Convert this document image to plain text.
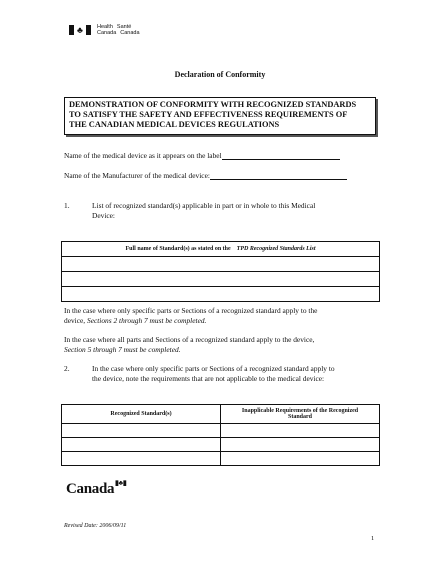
♣	Health Santé
Canada Canada
Declaration of Conformity
DEMONSTRATION OF CONFORMITY WITH RECOGNIZED STANDARDS
TO SATISFY THE SAFETY AND EFFECTIVENESS REQUIREMENTS OF
THE CANADIAN MEDICAL DEVICES REGULATIONS
Name of the medical device as it appears on the label
Name of the Manufacturer of the medical device:
1.	List of recognized standard(s) applicable in part or in whole to this Medical
Device:
Full name of Standard(s) as stated on the TPD Recognized Standards List

In the case where only specific parts or Sections of a recognized standard apply to the
device, Sections 2 through 7 must be completed.
In the case where all parts and Sections of a recognized standard apply to the device,
Section 5 through 7 must be completed.
2.	In the case where only specific parts or Sections of a recognized standard apply to
the device, note the requirements that are not applicable to the medical device:
Recognized Standard(s)	Inapplicable Requirements of the Recognized
Standard

Canada ▮♣▮
Revised Date: 2006/09/11
1
